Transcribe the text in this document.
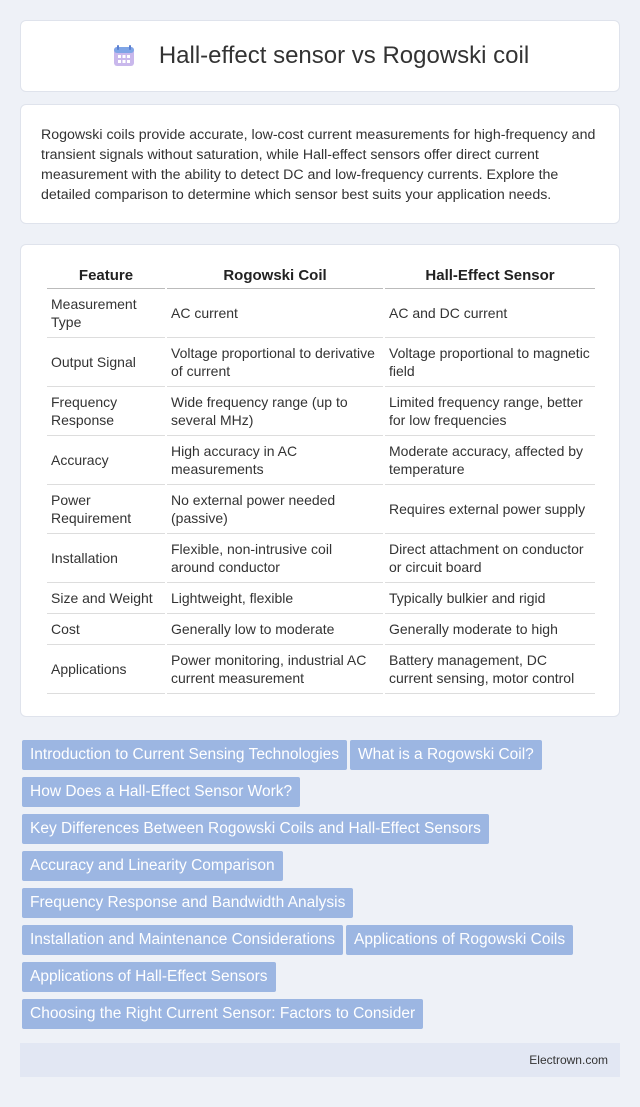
Hall-effect sensor vs Rogowski coil

Rogowski coils provide accurate, low-cost current measurements for high-frequency and transient signals without saturation, while Hall-effect sensors offer direct current measurement with the ability to detect DC and low-frequency currents. Explore the detailed comparison to determine which sensor best suits your application needs.

Feature	Rogowski Coil	Hall-Effect Sensor
Measurement Type	AC current	AC and DC current
Output Signal	Voltage proportional to derivative of current	Voltage proportional to magnetic field
Frequency Response	Wide frequency range (up to several MHz)	Limited frequency range, better for low frequencies
Accuracy	High accuracy in AC measurements	Moderate accuracy, affected by temperature
Power Requirement	No external power needed (passive)	Requires external power supply
Installation	Flexible, non-intrusive coil around conductor	Direct attachment on conductor or circuit board
Size and Weight	Lightweight, flexible	Typically bulkier and rigid
Cost	Generally low to moderate	Generally moderate to high
Applications	Power monitoring, industrial AC current measurement	Battery management, DC current sensing, motor control
Introduction to Current Sensing Technologies What is a Rogowski Coil?
How Does a Hall-Effect Sensor Work?
Key Differences Between Rogowski Coils and Hall-Effect Sensors
Accuracy and Linearity Comparison
Frequency Response and Bandwidth Analysis
Installation and Maintenance Considerations Applications of Rogowski Coils
Applications of Hall-Effect Sensors
Choosing the Right Current Sensor: Factors to Consider
Electrown.com
